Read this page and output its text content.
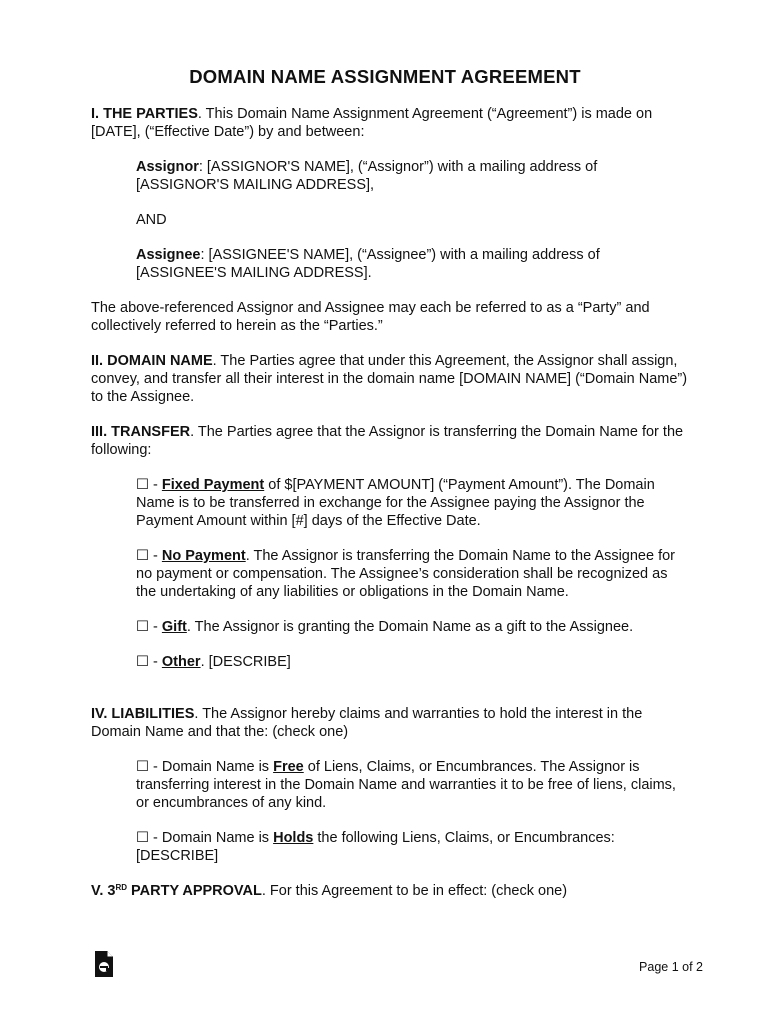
DOMAIN NAME ASSIGNMENT AGREEMENT

I. THE PARTIES. This Domain Name Assignment Agreement (“Agreement”) is made on [DATE], (“Effective Date”) by and between:

Assignor: [ASSIGNOR'S NAME], (“Assignor”) with a mailing address of [ASSIGNOR'S MAILING ADDRESS],

AND

Assignee: [ASSIGNEE'S NAME], (“Assignee”) with a mailing address of [ASSIGNEE'S MAILING ADDRESS].

The above-referenced Assignor and Assignee may each be referred to as a “Party” and collectively referred to herein as the “Parties.”

II. DOMAIN NAME. The Parties agree that under this Agreement, the Assignor shall assign, convey, and transfer all their interest in the domain name [DOMAIN NAME] (“Domain Name”) to the Assignee.

III. TRANSFER. The Parties agree that the Assignor is transferring the Domain Name for the following:

☐ - Fixed Payment of $[PAYMENT AMOUNT] (“Payment Amount”). The Domain Name is to be transferred in exchange for the Assignee paying the Assignor the Payment Amount within [#] days of the Effective Date.

☐ - No Payment. The Assignor is transferring the Domain Name to the Assignee for no payment or compensation. The Assignee’s consideration shall be recognized as the undertaking of any liabilities or obligations in the Domain Name.

☐ - Gift. The Assignor is granting the Domain Name as a gift to the Assignee.

☐ - Other. [DESCRIBE]

IV. LIABILITIES. The Assignor hereby claims and warranties to hold the interest in the Domain Name and that the: (check one)

☐ - Domain Name is Free of Liens, Claims, or Encumbrances. The Assignor is transferring interest in the Domain Name and warranties it to be free of liens, claims, or encumbrances of any kind.

☐ - Domain Name is Holds the following Liens, Claims, or Encumbrances: [DESCRIBE]

V. 3RD PARTY APPROVAL. For this Agreement to be in effect: (check one)

Page 1 of 2
